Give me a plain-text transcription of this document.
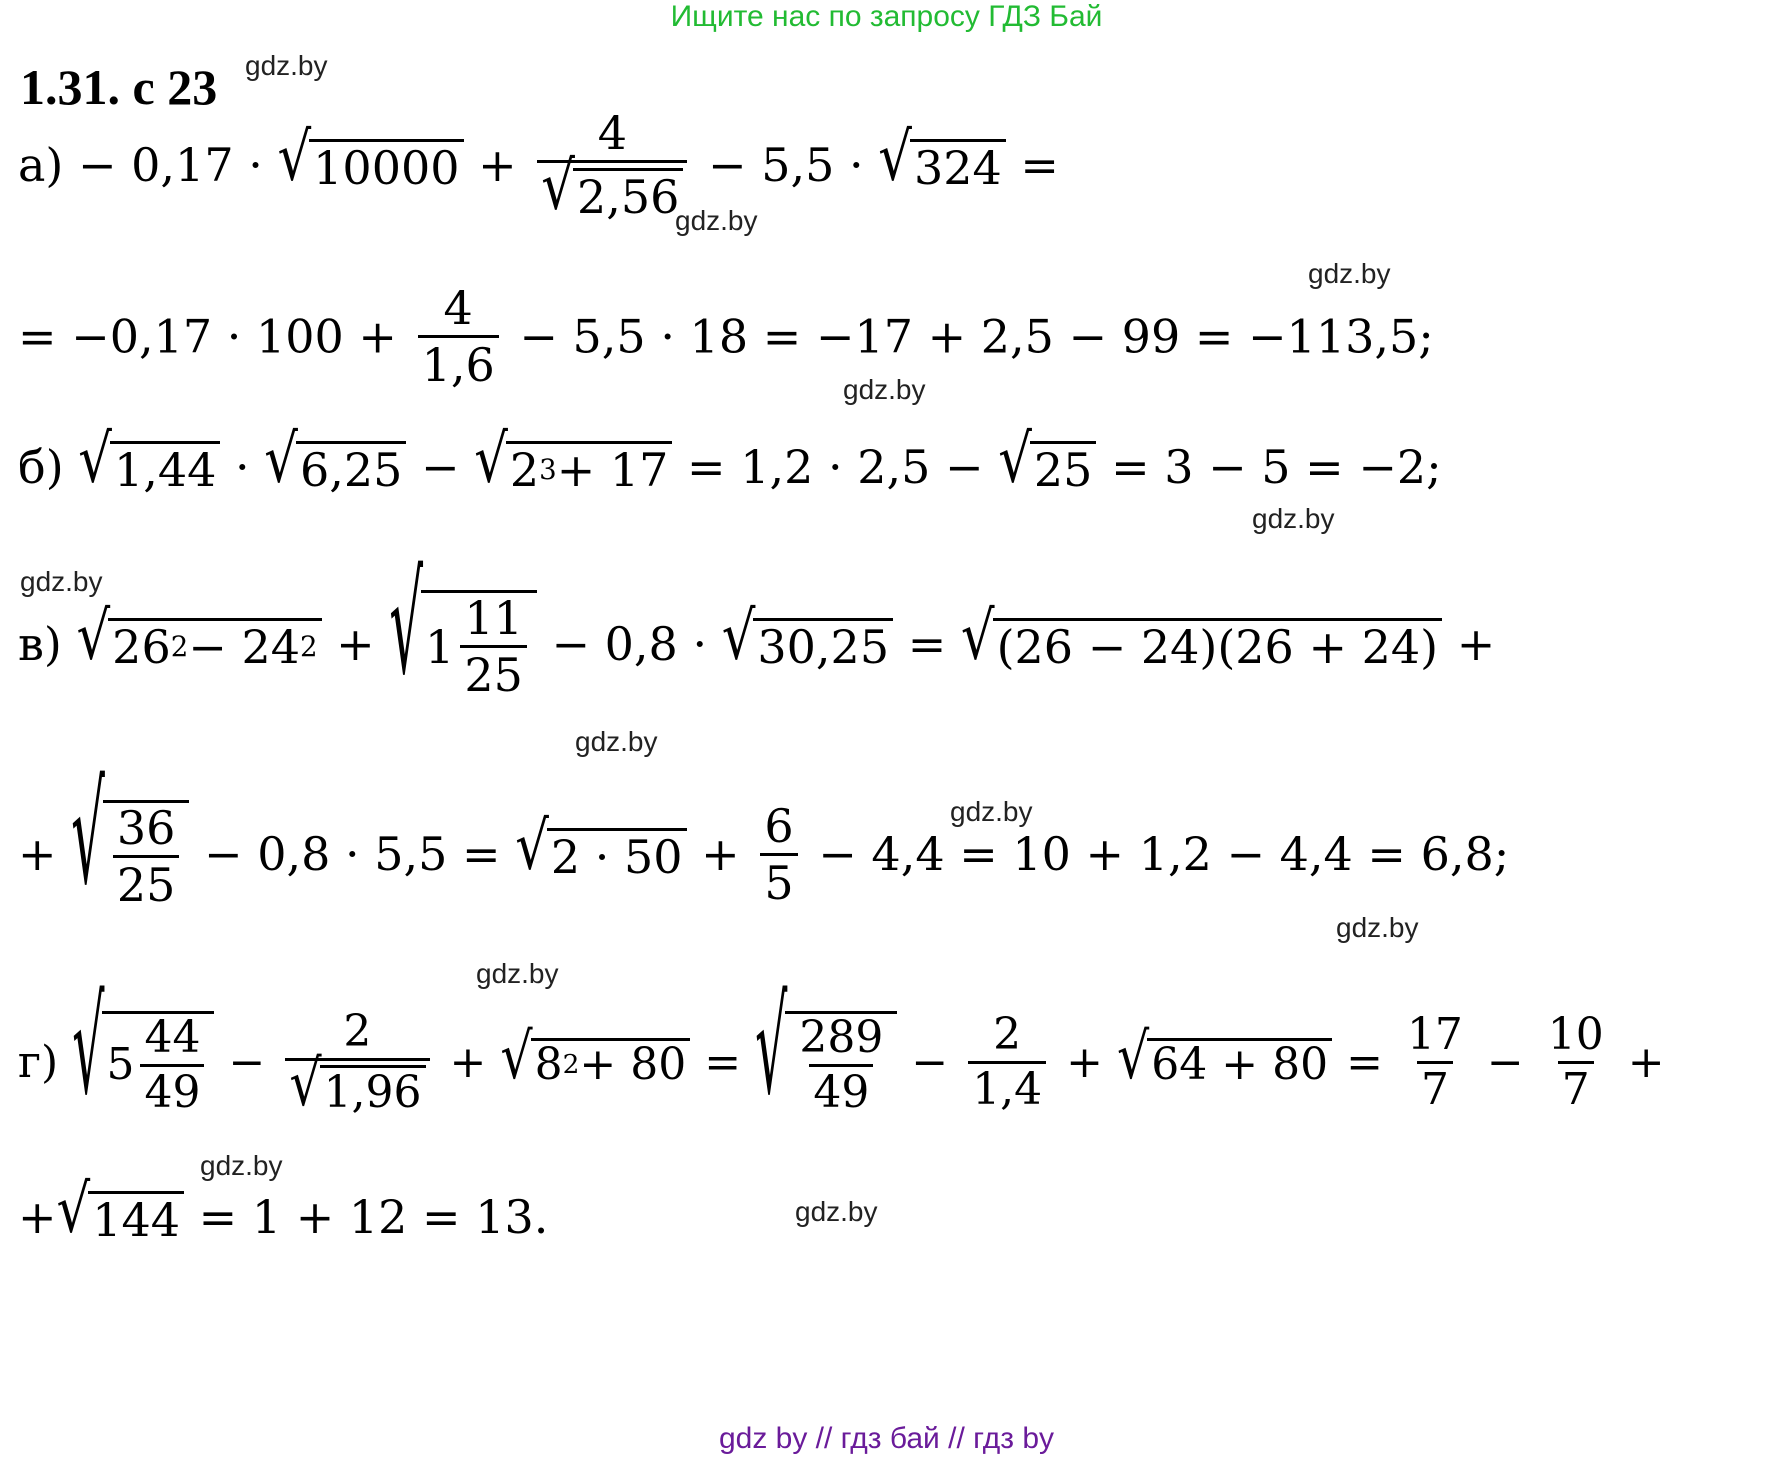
Ищите нас по запросу ГДЗ Бай
1.31. с 23 gdz.by
gdz.by
gdz.by
gdz.by
gdz.by
gdz.by
gdz.by
gdz.by
gdz.by
gdz.by
gdz.by
gdz.by
а) − 0,17 · √ $10000 + \frac{4}{√ 2,56} - 5,5$ · √ 324 =
= $-0,17 \cdot 100 + \frac{4}{1,6} - 5,5 \cdot 18 = -17 + 2,5 - 99 = -113,5$;
б) √ 1,44 · √ 6,25 − √ 2 3 + 17 = 1,2 · 2,5 − √ 25 = 3 − 5 = −2;
в) √ 26 2 − 24 2 + √ $1 \frac{11}{25} - 0,8$ · √ 30,25 = √ (26 − 24)(26 + 24) +
+ √ $\frac{36}{25} - 0,8 \cdot 5,5$ = √ $2 \cdot 50 + \frac{6}{5} - 4,4 = 10 + 1,2 - 4,4 = 6,8$;
г) √ $5 \frac{44}{49} - \frac{2}{√ 1,96}$ + √ 8 2 + 80 = √ $\frac{289}{49} - \frac{2}{1,4}$ + √ $64 + 80 = \frac{17}{7} - \frac{10}{7}$ +
+ √ 144 = 1 + 12 = 13.
gdz by // гдз бай // гдз by
